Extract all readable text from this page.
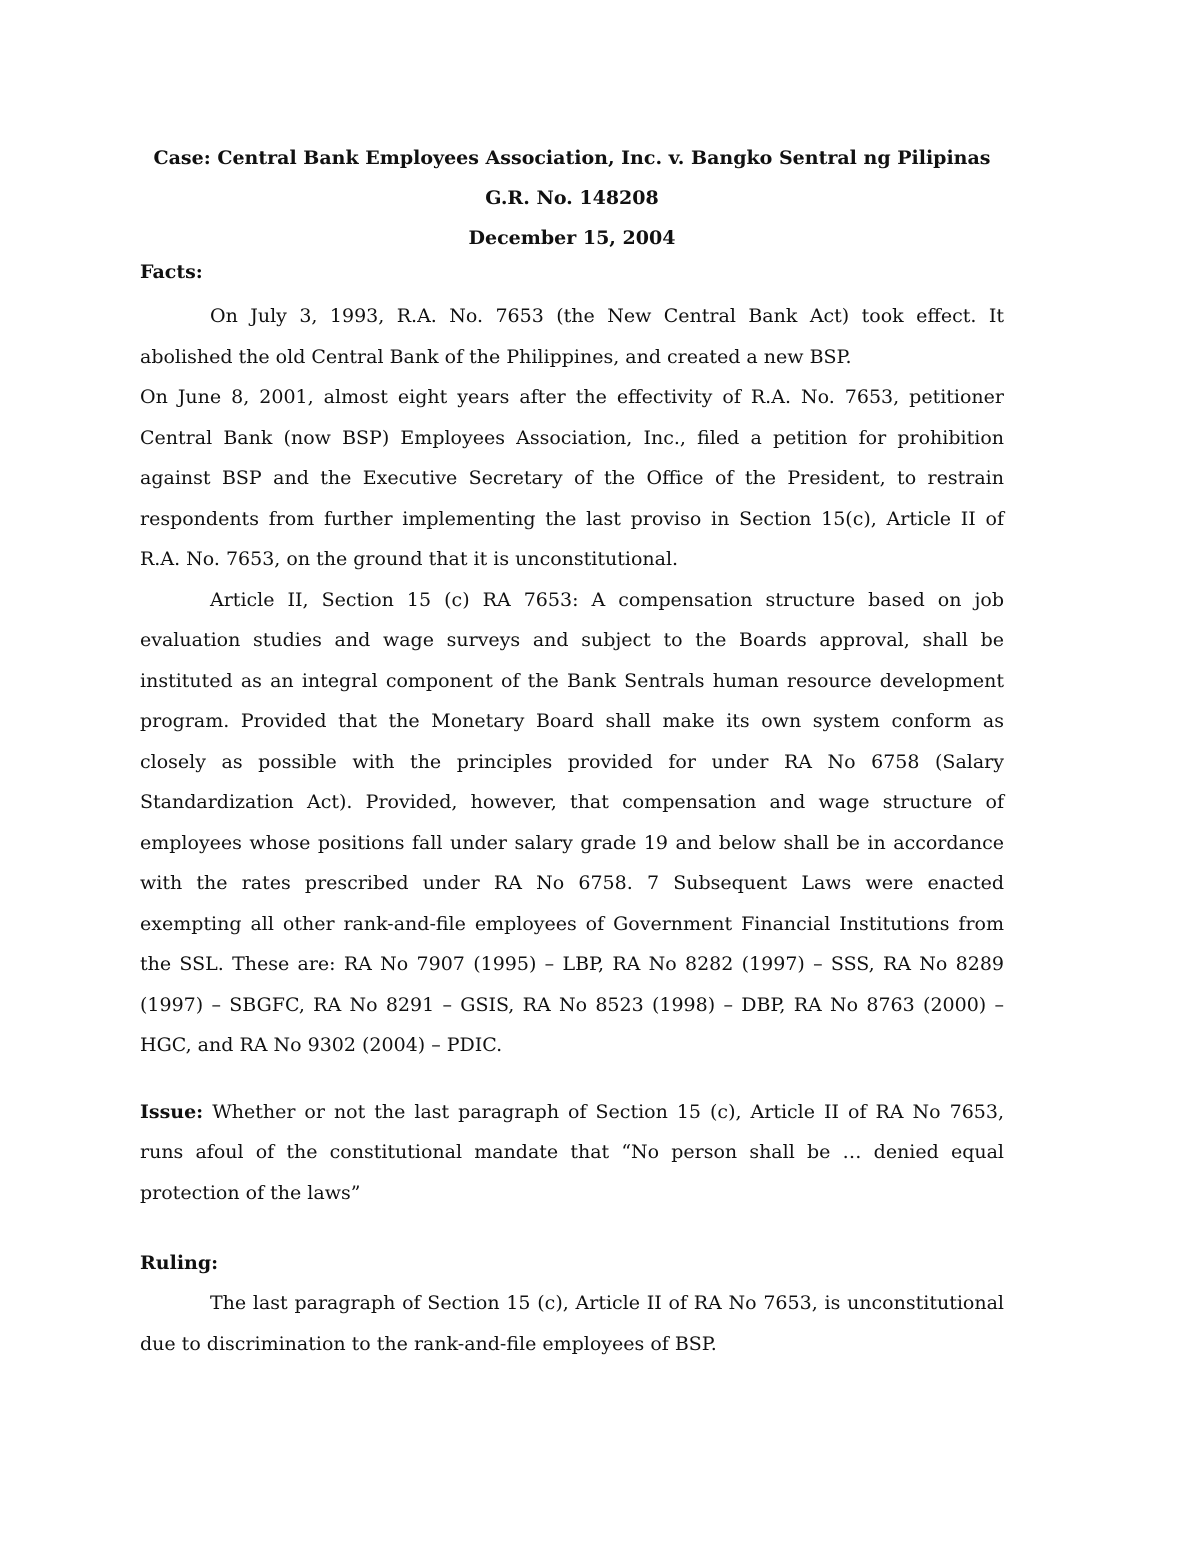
Case: Central Bank Employees Association, Inc. v. Bangko Sentral ng Pilipinas
G.R. No. 148208
December 15, 2004
Facts:

On July 3, 1993, R.A. No. 7653 (the New Central Bank Act) took effect. It abolished the old Central Bank of the Philippines, and created a new BSP.

On June 8, 2001, almost eight years after the effectivity of R.A. No. 7653, petitioner Central Bank (now BSP) Employees Association, Inc., filed a petition for prohibition against BSP and the Executive Secretary of the Office of the President, to restrain respondents from further implementing the last proviso in Section 15(c), Article II of R.A. No. 7653, on the ground that it is unconstitutional.

Article II, Section 15 (c) RA 7653: A compensation structure based on job evaluation studies and wage surveys and subject to the Boards approval, shall be instituted as an integral component of the Bank Sentrals human resource development program. Provided that the Monetary Board shall make its own system conform as closely as possible with the principles provided for under RA No 6758 (Salary Standardization Act). Provided, however, that compensation and wage structure of employees whose positions fall under salary grade 19 and below shall be in accordance with the rates prescribed under RA No 6758. 7 Subsequent Laws were enacted exempting all other rank-and-file employees of Government Financial Institutions from the SSL. These are: RA No 7907 (1995) – LBP, RA No 8282 (1997) – SSS, RA No 8289 (1997) – SBGFC, RA No 8291 – GSIS, RA No 8523 (1998) – DBP, RA No 8763 (2000) – HGC, and RA No 9302 (2004) – PDIC.

Issue: Whether or not the last paragraph of Section 15 (c), Article II of RA No 7653, runs afoul of the constitutional mandate that “No person shall be … denied equal protection of the laws”

Ruling:

The last paragraph of Section 15 (c), Article II of RA No 7653, is unconstitutional due to discrimination to the rank-and-file employees of BSP.
